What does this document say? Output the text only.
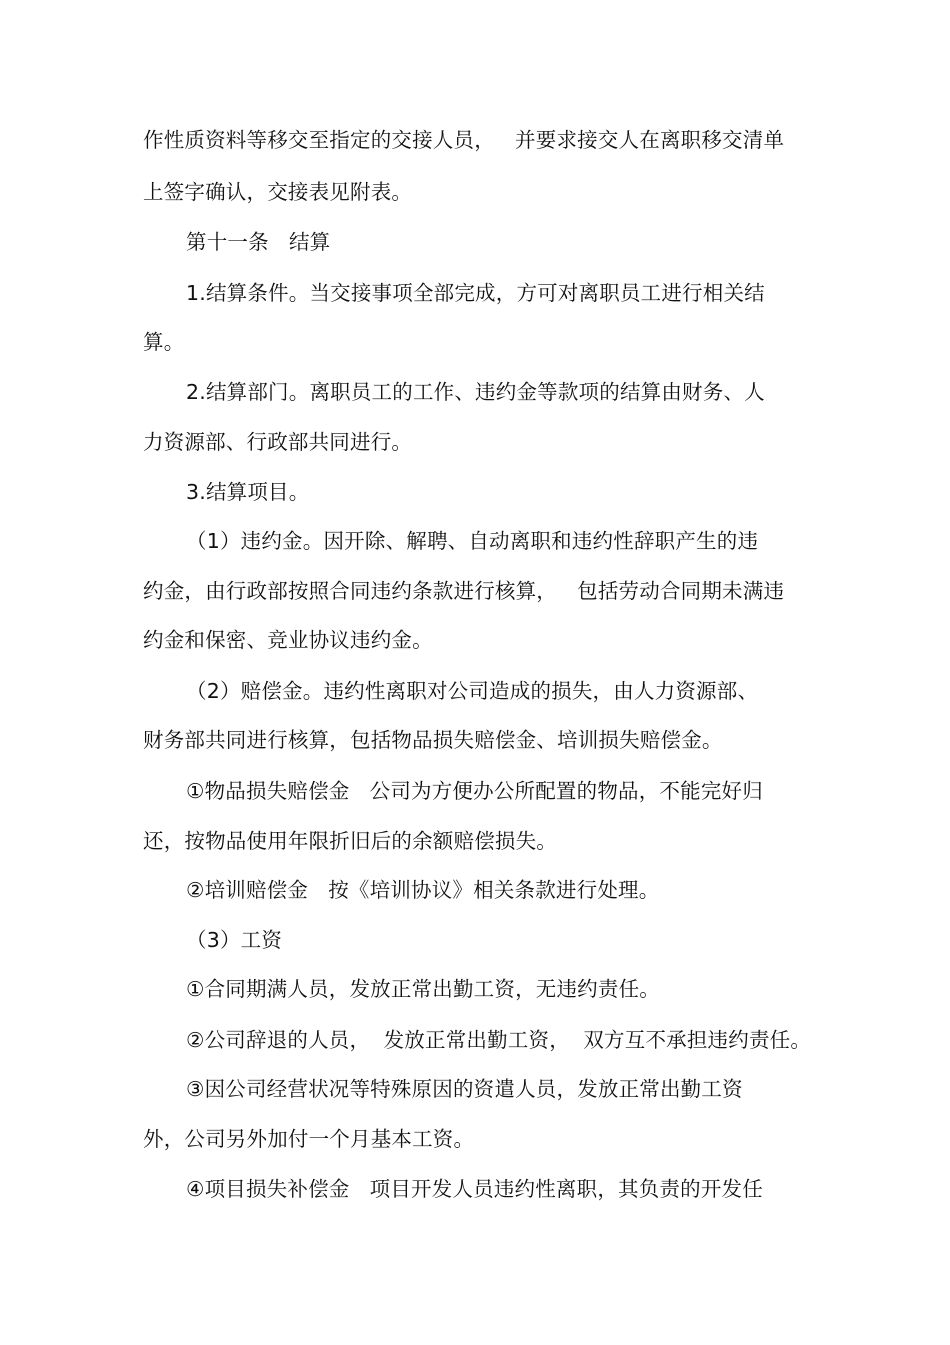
作性质资料等移交至指定的交接人员，   并要求接交人在离职移交清单
上签字确认，交接表见附表。
第十一条   结算
1.结算条件。当交接事项全部完成，方可对离职员工进行相关结
算。
2.结算部门。离职员工的工作、违约金等款项的结算由财务、人
力资源部、行政部共同进行。
3.结算项目。
（1）违约金。因开除、解聘、自动离职和违约性辞职产生的违
约金，由行政部按照合同违约条款进行核算，   包括劳动合同期未满违
约金和保密、竞业协议违约金。
（2）赔偿金。违约性离职对公司造成的损失，由人力资源部、
财务部共同进行核算，包括物品损失赔偿金、培训损失赔偿金。
①物品损失赔偿金   公司为方便办公所配置的物品，不能完好归
还，按物品使用年限折旧后的余额赔偿损失。
②培训赔偿金   按《培训协议》相关条款进行处理。
（3）工资
①合同期满人员，发放正常出勤工资，无违约责任。
②公司辞退的人员，  发放正常出勤工资，  双方互不承担违约责任。
③因公司经营状况等特殊原因的资遣人员，发放正常出勤工资
外，公司另外加付一个月基本工资。
④项目损失补偿金   项目开发人员违约性离职，其负责的开发任
